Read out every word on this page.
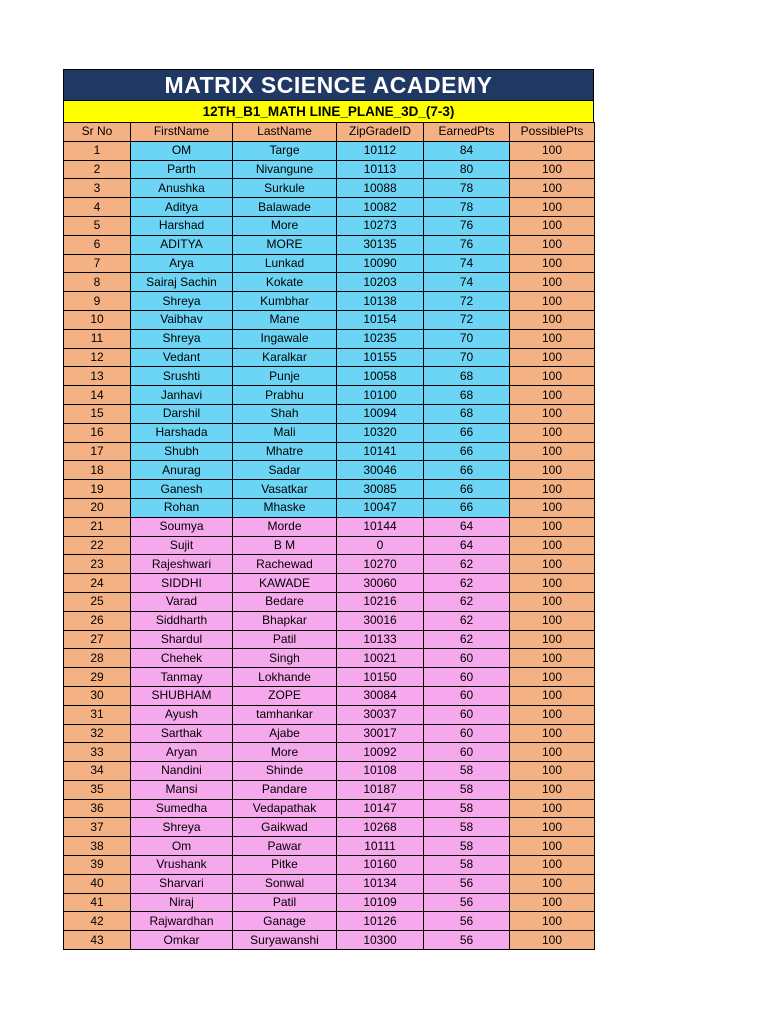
MATRIX SCIENCE ACADEMY
12TH_B1_MATH LINE_PLANE_3D_(7-3)
Sr No	FirstName	LastName	ZipGradeID	EarnedPts	PossiblePts
1	OM	Targe	10112	84	100
2	Parth	Nivangune	10113	80	100
3	Anushka	Surkule	10088	78	100
4	Aditya	Balawade	10082	78	100
5	Harshad	More	10273	76	100
6	ADITYA	MORE	30135	76	100
7	Arya	Lunkad	10090	74	100
8	Sairaj Sachin	Kokate	10203	74	100
9	Shreya	Kumbhar	10138	72	100
10	Vaibhav	Mane	10154	72	100
11	Shreya	Ingawale	10235	70	100
12	Vedant	Karalkar	10155	70	100
13	Srushti	Punje	10058	68	100
14	Janhavi	Prabhu	10100	68	100
15	Darshil	Shah	10094	68	100
16	Harshada	Mali	10320	66	100
17	Shubh	Mhatre	10141	66	100
18	Anurag	Sadar	30046	66	100
19	Ganesh	Vasatkar	30085	66	100
20	Rohan	Mhaske	10047	66	100
21	Soumya	Morde	10144	64	100
22	Sujit	B M	0	64	100
23	Rajeshwari	Rachewad	10270	62	100
24	SIDDHI	KAWADE	30060	62	100
25	Varad	Bedare	10216	62	100
26	Siddharth	Bhapkar	30016	62	100
27	Shardul	Patil	10133	62	100
28	Chehek	Singh	10021	60	100
29	Tanmay	Lokhande	10150	60	100
30	SHUBHAM	ZOPE	30084	60	100
31	Ayush	tamhankar	30037	60	100
32	Sarthak	Ajabe	30017	60	100
33	Aryan	More	10092	60	100
34	Nandini	Shinde	10108	58	100
35	Mansi	Pandare	10187	58	100
36	Sumedha	Vedapathak	10147	58	100
37	Shreya	Gaikwad	10268	58	100
38	Om	Pawar	10111	58	100
39	Vrushank	Pitke	10160	58	100
40	Sharvari	Sonwal	10134	56	100
41	Niraj	Patil	10109	56	100
42	Rajwardhan	Ganage	10126	56	100
43	Omkar	Suryawanshi	10300	56	100
